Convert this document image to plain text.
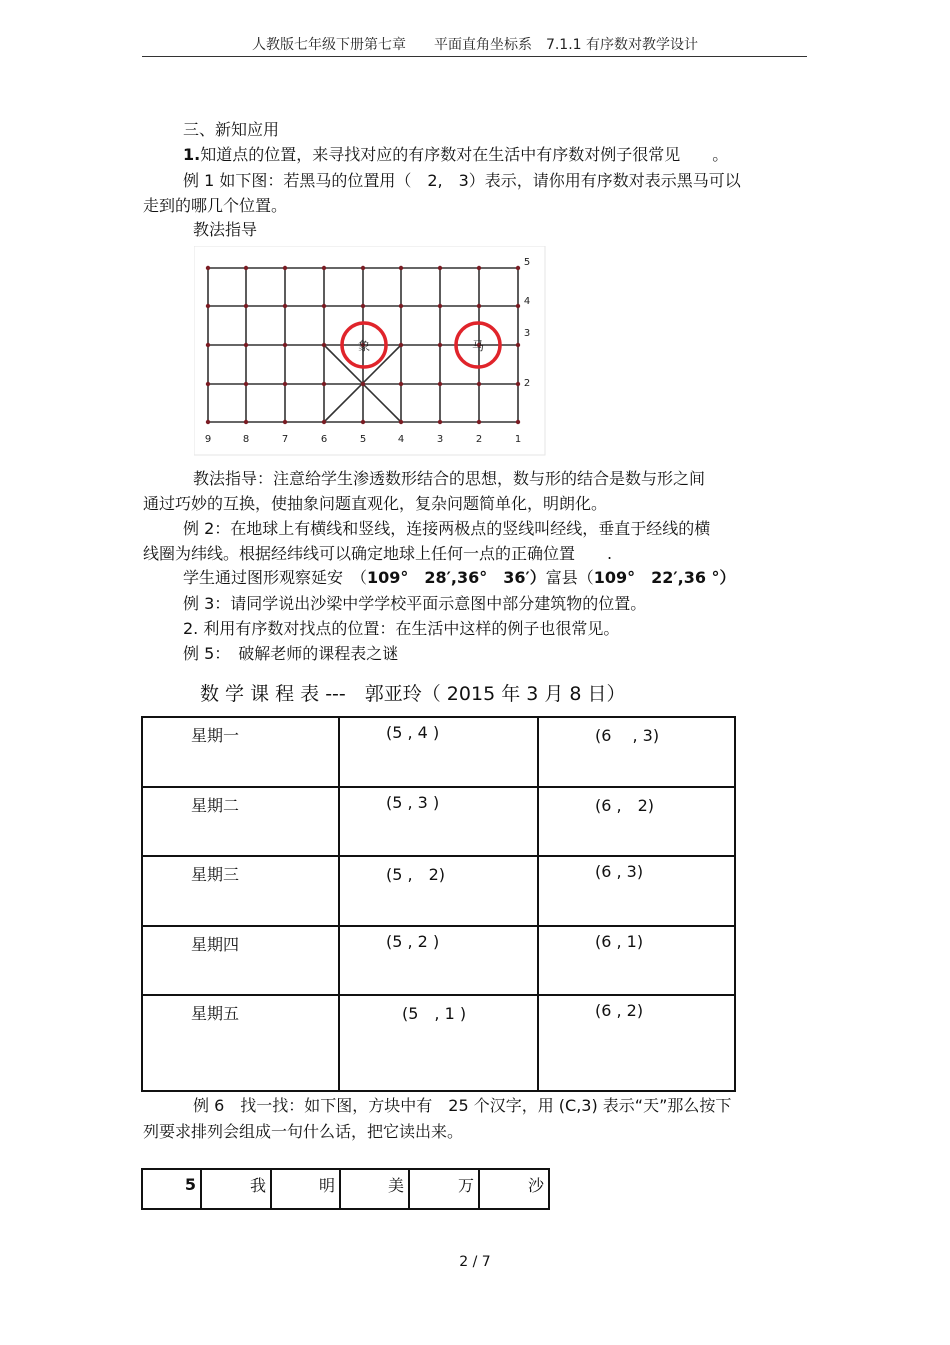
人教版七年级下册第七章　　平面直角坐标系　7.1.1 有序数对教学设计
三、新知应用
1.知道点的位置，来寻找对应的有序数对在生活中有序数对例子很常见　　。
例 1 如下图：若黑马的位置用（　2,　3）表示，请你用有序数对表示黑马可以
走到的哪几个位置。
教法指导
9	8	7	6	5	4	3	2	1
5
4
3
2
象	马
教法指导：注意给学生渗透数形结合的思想，数与形的结合是数与形之间
通过巧妙的互换，使抽象问题直观化，复杂问题简单化，明朗化。
例 2：在地球上有横线和竖线，连接两极点的竖线叫经线，垂直于经线的横
线圈为纬线。根据经纬线可以确定地球上任何一点的正确位置　　.
学生通过图形观察延安　（109°　28′,36°　36′）富县（109°　22′,36 °）
例 3：请同学说出沙梁中学学校平面示意图中部分建筑物的位置。
2. 利用有序数对找点的位置：在生活中这样的例子也很常见。
例 5：　破解老师的课程表之谜
数 学 课 程 表 ---　郭亚玲（ 2015 年 3 月 8 日）
星期一	(5 , 4 )	(6 　, 3)
星期二	(5 , 3 )	(6 ,　2)
星期三	(5 ,　2)	(6 , 3)
星期四	(5 , 2 )	(6 , 1)
星期五	　(5　, 1 )	(6 , 2)
例 6　找一找：如下图，方块中有　25 个汉字，用 (C,3) 表示“天”那么按下
列要求排列会组成一句什么话，把它读出来。
5	我	明	美	万	沙
2 / 7
